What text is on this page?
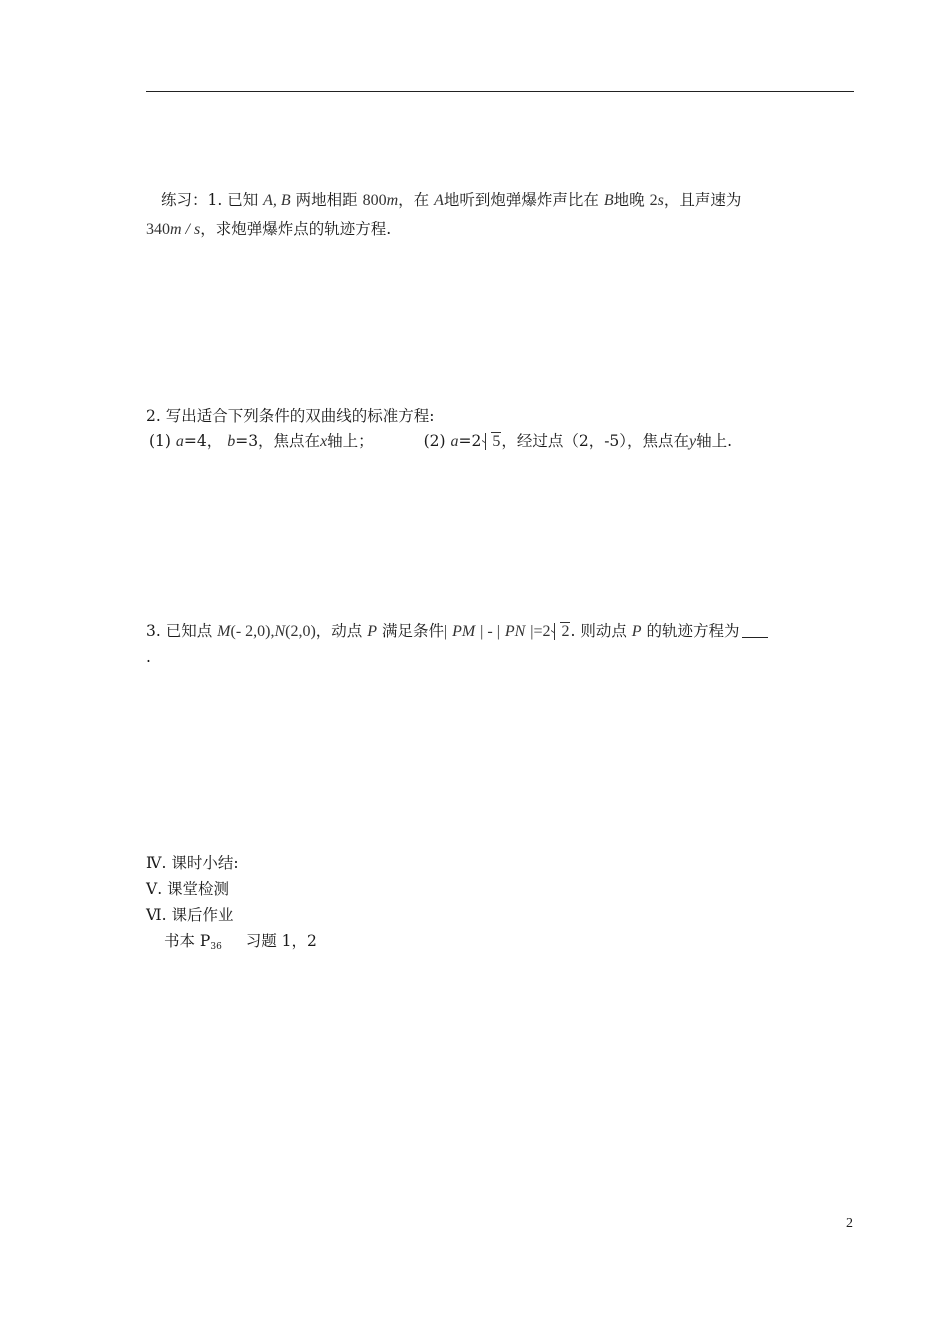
练习：1. 已知 A, B 两地相距 800m，在 A地听到炮弹爆炸声比在 B地晚 2s，且声速为
340m / s，求炮弹爆炸点的轨迹方程.
2. 写出适合下列条件的双曲线的标准方程:
(1) a=4， b=3，焦点在x轴上；	(2) a=2 5，经过点（2，-5），焦点在y轴上.
3. 已知点 M(- 2,0),N(2,0)，动点 P 满足条件| PM | - | PN |=2 2. 则动点 P 的轨迹方程为
.
Ⅳ. 课时小结:
Ⅴ. 课堂检测
Ⅵ. 课后作业
书本 $P_{36}$ 习题 1，2
2
